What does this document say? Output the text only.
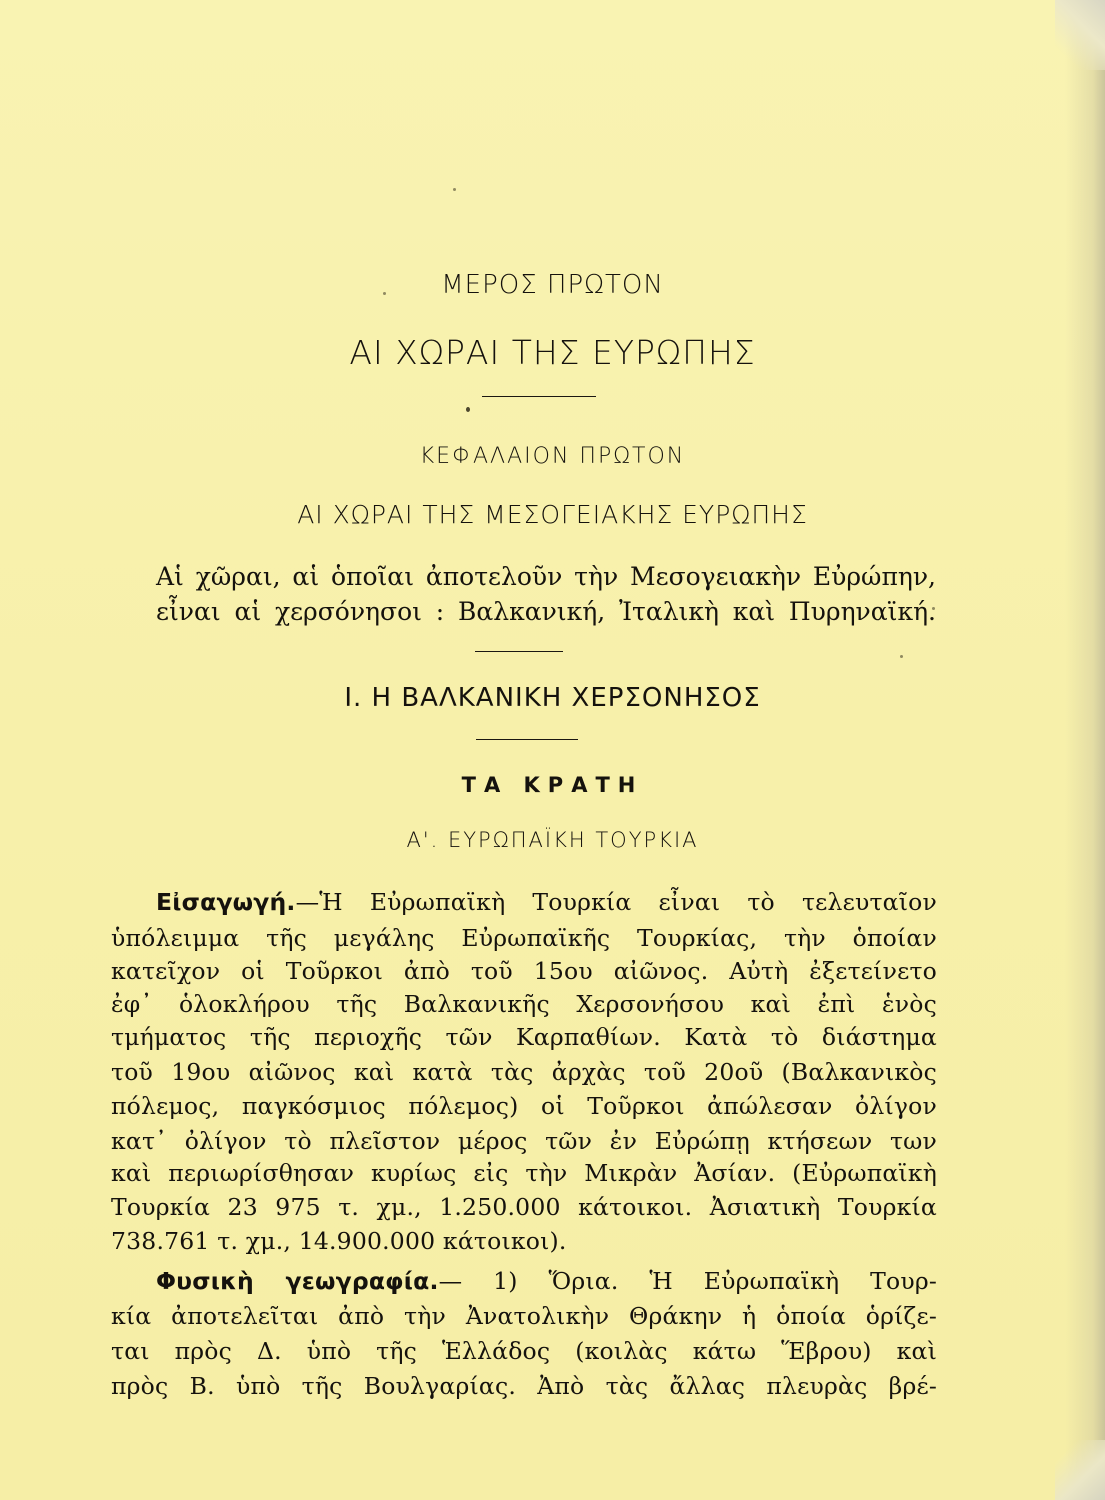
ΜΕΡΟΣ ΠΡΩΤΟΝ
ΑΙ ΧΩΡΑΙ ΤΗΣ ΕΥΡΩΠΗΣ
ΚΕΦΑΛΑΙΟΝ ΠΡΩΤΟΝ
ΑΙ ΧΩΡΑΙ ΤΗΣ ΜΕΣΟΓΕΙΑΚΗΣ ΕΥΡΩΠΗΣ
Αἱ χῶραι, αἱ ὁποῖαι ἀποτελοῦν τὴν Μεσογειακὴν Εὐρώπην,
εἶναι αἱ χερσόνησοι : Βαλκανική, Ἰταλικὴ καὶ Πυρηναϊκή.
Ι. Η ΒΑΛΚΑΝΙΚΗ ΧΕΡΣΟΝΗΣΟΣ
ΤΑ ΚΡΑΤΗ
Α'. ΕΥΡΩΠΑΪΚΗ ΤΟΥΡΚΙΑ
Εἰσαγωγή.—Ἡ Εὐρωπαϊκὴ Τουρκία εἶναι τὸ τελευταῖον
ὑπόλειμμα τῆς μεγάλης Εὐρωπαϊκῆς Τουρκίας, τὴν ὁποίαν
κατεῖχον οἱ Τοῦρκοι ἀπὸ τοῦ 15ου αἰῶνος. Αὐτὴ ἐξετείνετο
ἐφ᾽ ὁλοκλήρου τῆς Βαλκανικῆς Χερσονήσου καὶ ἐπὶ ἑνὸς
τμήματος τῆς περιοχῆς τῶν Καρπαθίων. Κατὰ τὸ διάστημα
τοῦ 19ου αἰῶνος καὶ κατὰ τὰς ἀρχὰς τοῦ 20οῦ (Βαλκανικὸς
πόλεμος, παγκόσμιος πόλεμος) οἱ Τοῦρκοι ἀπώλεσαν ὀλίγον
κατ᾽ ὀλίγον τὸ πλεῖστον μέρος τῶν ἐν Εὐρώπῃ κτήσεων των
καὶ περιωρίσθησαν κυρίως εἰς τὴν Μικρὰν Ἀσίαν. (Εὐρωπαϊκὴ
Τουρκία 23 975 τ. χμ., 1.250.000 κάτοικοι. Ἀσιατικὴ Τουρκία
738.761 τ. χμ., 14.900.000 κάτοικοι).
Φυσικὴ γεωγραφία.— 1) Ὅρια. Ἡ Εὐρωπαϊκὴ Τουρ-
κία ἀποτελεῖται ἀπὸ τὴν Ἀνατολικὴν Θράκην ἡ ὁποία ὁρίζε-
ται πρὸς Δ. ὑπὸ τῆς Ἑλλάδος (κοιλὰς κάτω Ἕβρου) καὶ
πρὸς Β. ὑπὸ τῆς Βουλγαρίας. Ἀπὸ τὰς ἄλλας πλευρὰς βρέ-
